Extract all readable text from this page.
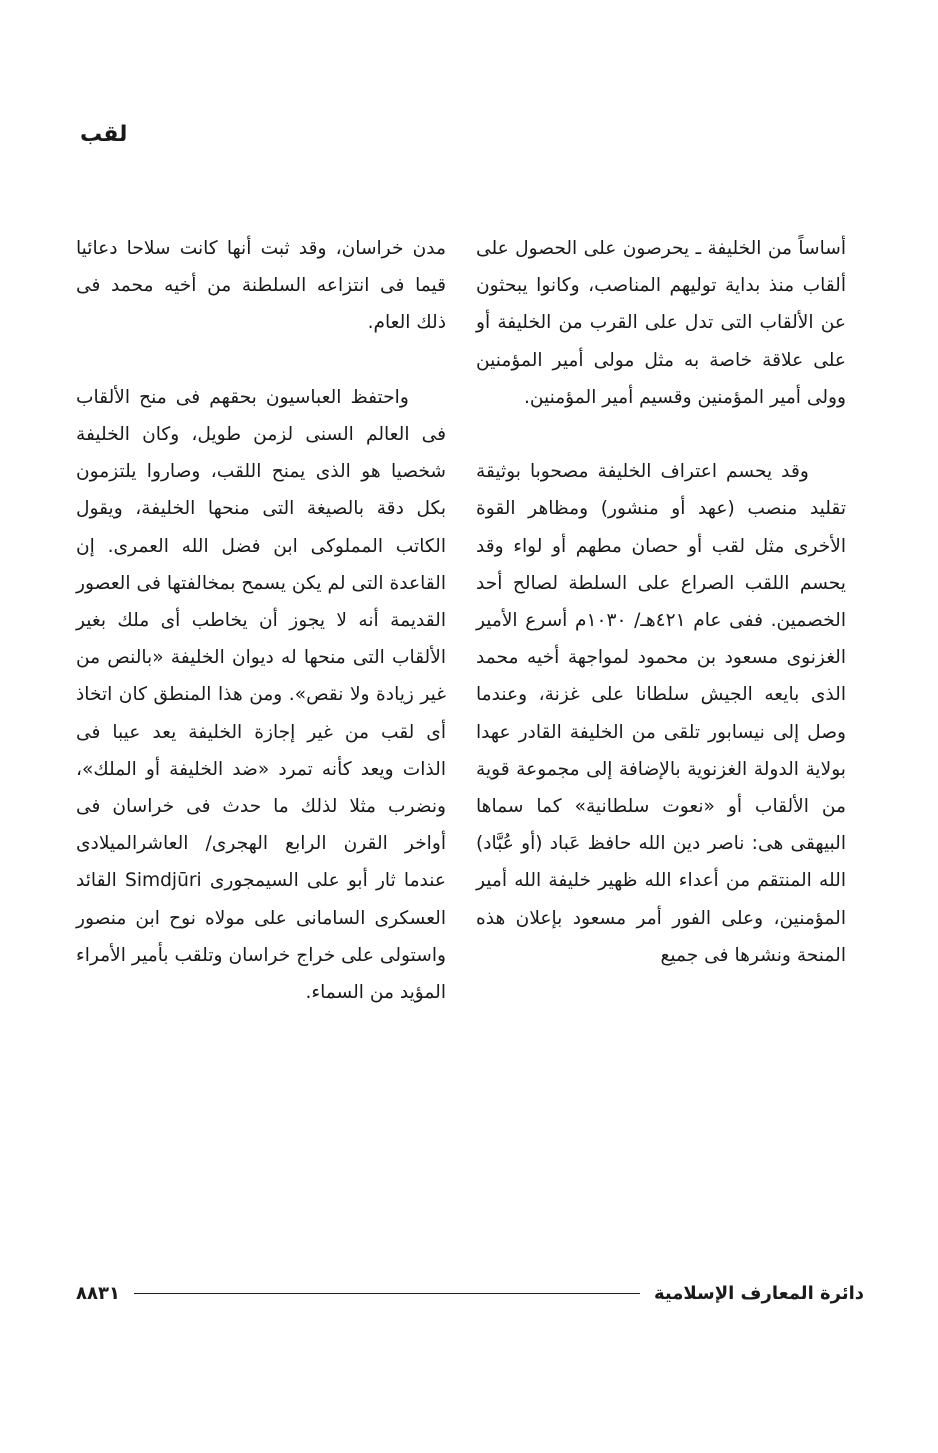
لقب

أساساً من الخليفة ـ يحرصون على الحصول على ألقاب منذ بداية توليهم المناصب، وكانوا يبحثون عن الألقاب التى تدل على القرب من الخليفة أو على علاقة خاصة به مثل مولى أمير المؤمنين وولى أمير المؤمنين وقسيم أمير المؤمنين.

وقد يحسم اعتراف الخليفة مصحوبا بوثيقة تقليد منصب (عهد أو منشور) ومظاهر القوة الأخرى مثل لقب أو حصان مطهم أو لواء وقد يحسم اللقب الصراع على السلطة لصالح أحد الخصمين. ففى عام ٤٢١هـ/ ١٠٣٠م أسرع الأمير الغزنوى مسعود بن محمود لمواجهة أخيه محمد الذى بايعه الجيش سلطانا على غزنة، وعندما وصل إلى نيسابور تلقى من الخليفة القادر عهدا بولاية الدولة الغزنوية بالإضافة إلى مجموعة قوية من الألقاب أو «نعوت سلطانية» كما سماها البيهقى هى: ناصر دين الله حافظ عَباد (أو عُبَّاد) الله المنتقم من أعداء الله ظهير خليفة الله أمير المؤمنين، وعلى الفور أمر مسعود بإعلان هذه المنحة ونشرها فى جميع

مدن خراسان، وقد ثبت أنها كانت سلاحا دعائيا قيما فى انتزاعه السلطنة من أخيه محمد فى ذلك العام.

واحتفظ العباسيون بحقهم فى منح الألقاب فى العالم السنى لزمن طويل، وكان الخليفة شخصيا هو الذى يمنح اللقب، وصاروا يلتزمون بكل دقة بالصيغة التى منحها الخليفة، ويقول الكاتب المملوكى ابن فضل الله العمرى. إن القاعدة التى لم يكن يسمح بمخالفتها فى العصور القديمة أنه لا يجوز أن يخاطب أى ملك بغير الألقاب التى منحها له ديوان الخليفة «بالنص من غير زيادة ولا نقص». ومن هذا المنطق كان اتخاذ أى لقب من غير إجازة الخليفة يعد عيبا فى الذات ويعد كأنه تمرد «ضد الخليفة أو الملك»، ونضرب مثلا لذلك ما حدث فى خراسان فى أواخر القرن الرابع الهجرى/ العاشرالميلادى عندما ثار أبو على السيمجورى Simdjūri القائد العسكرى السامانى على مولاه نوح ابن منصور واستولى على خراج خراسان وتلقب بأمير الأمراء المؤيد من السماء.

دائرة المعارف الإسلامية
٨٨٣١
